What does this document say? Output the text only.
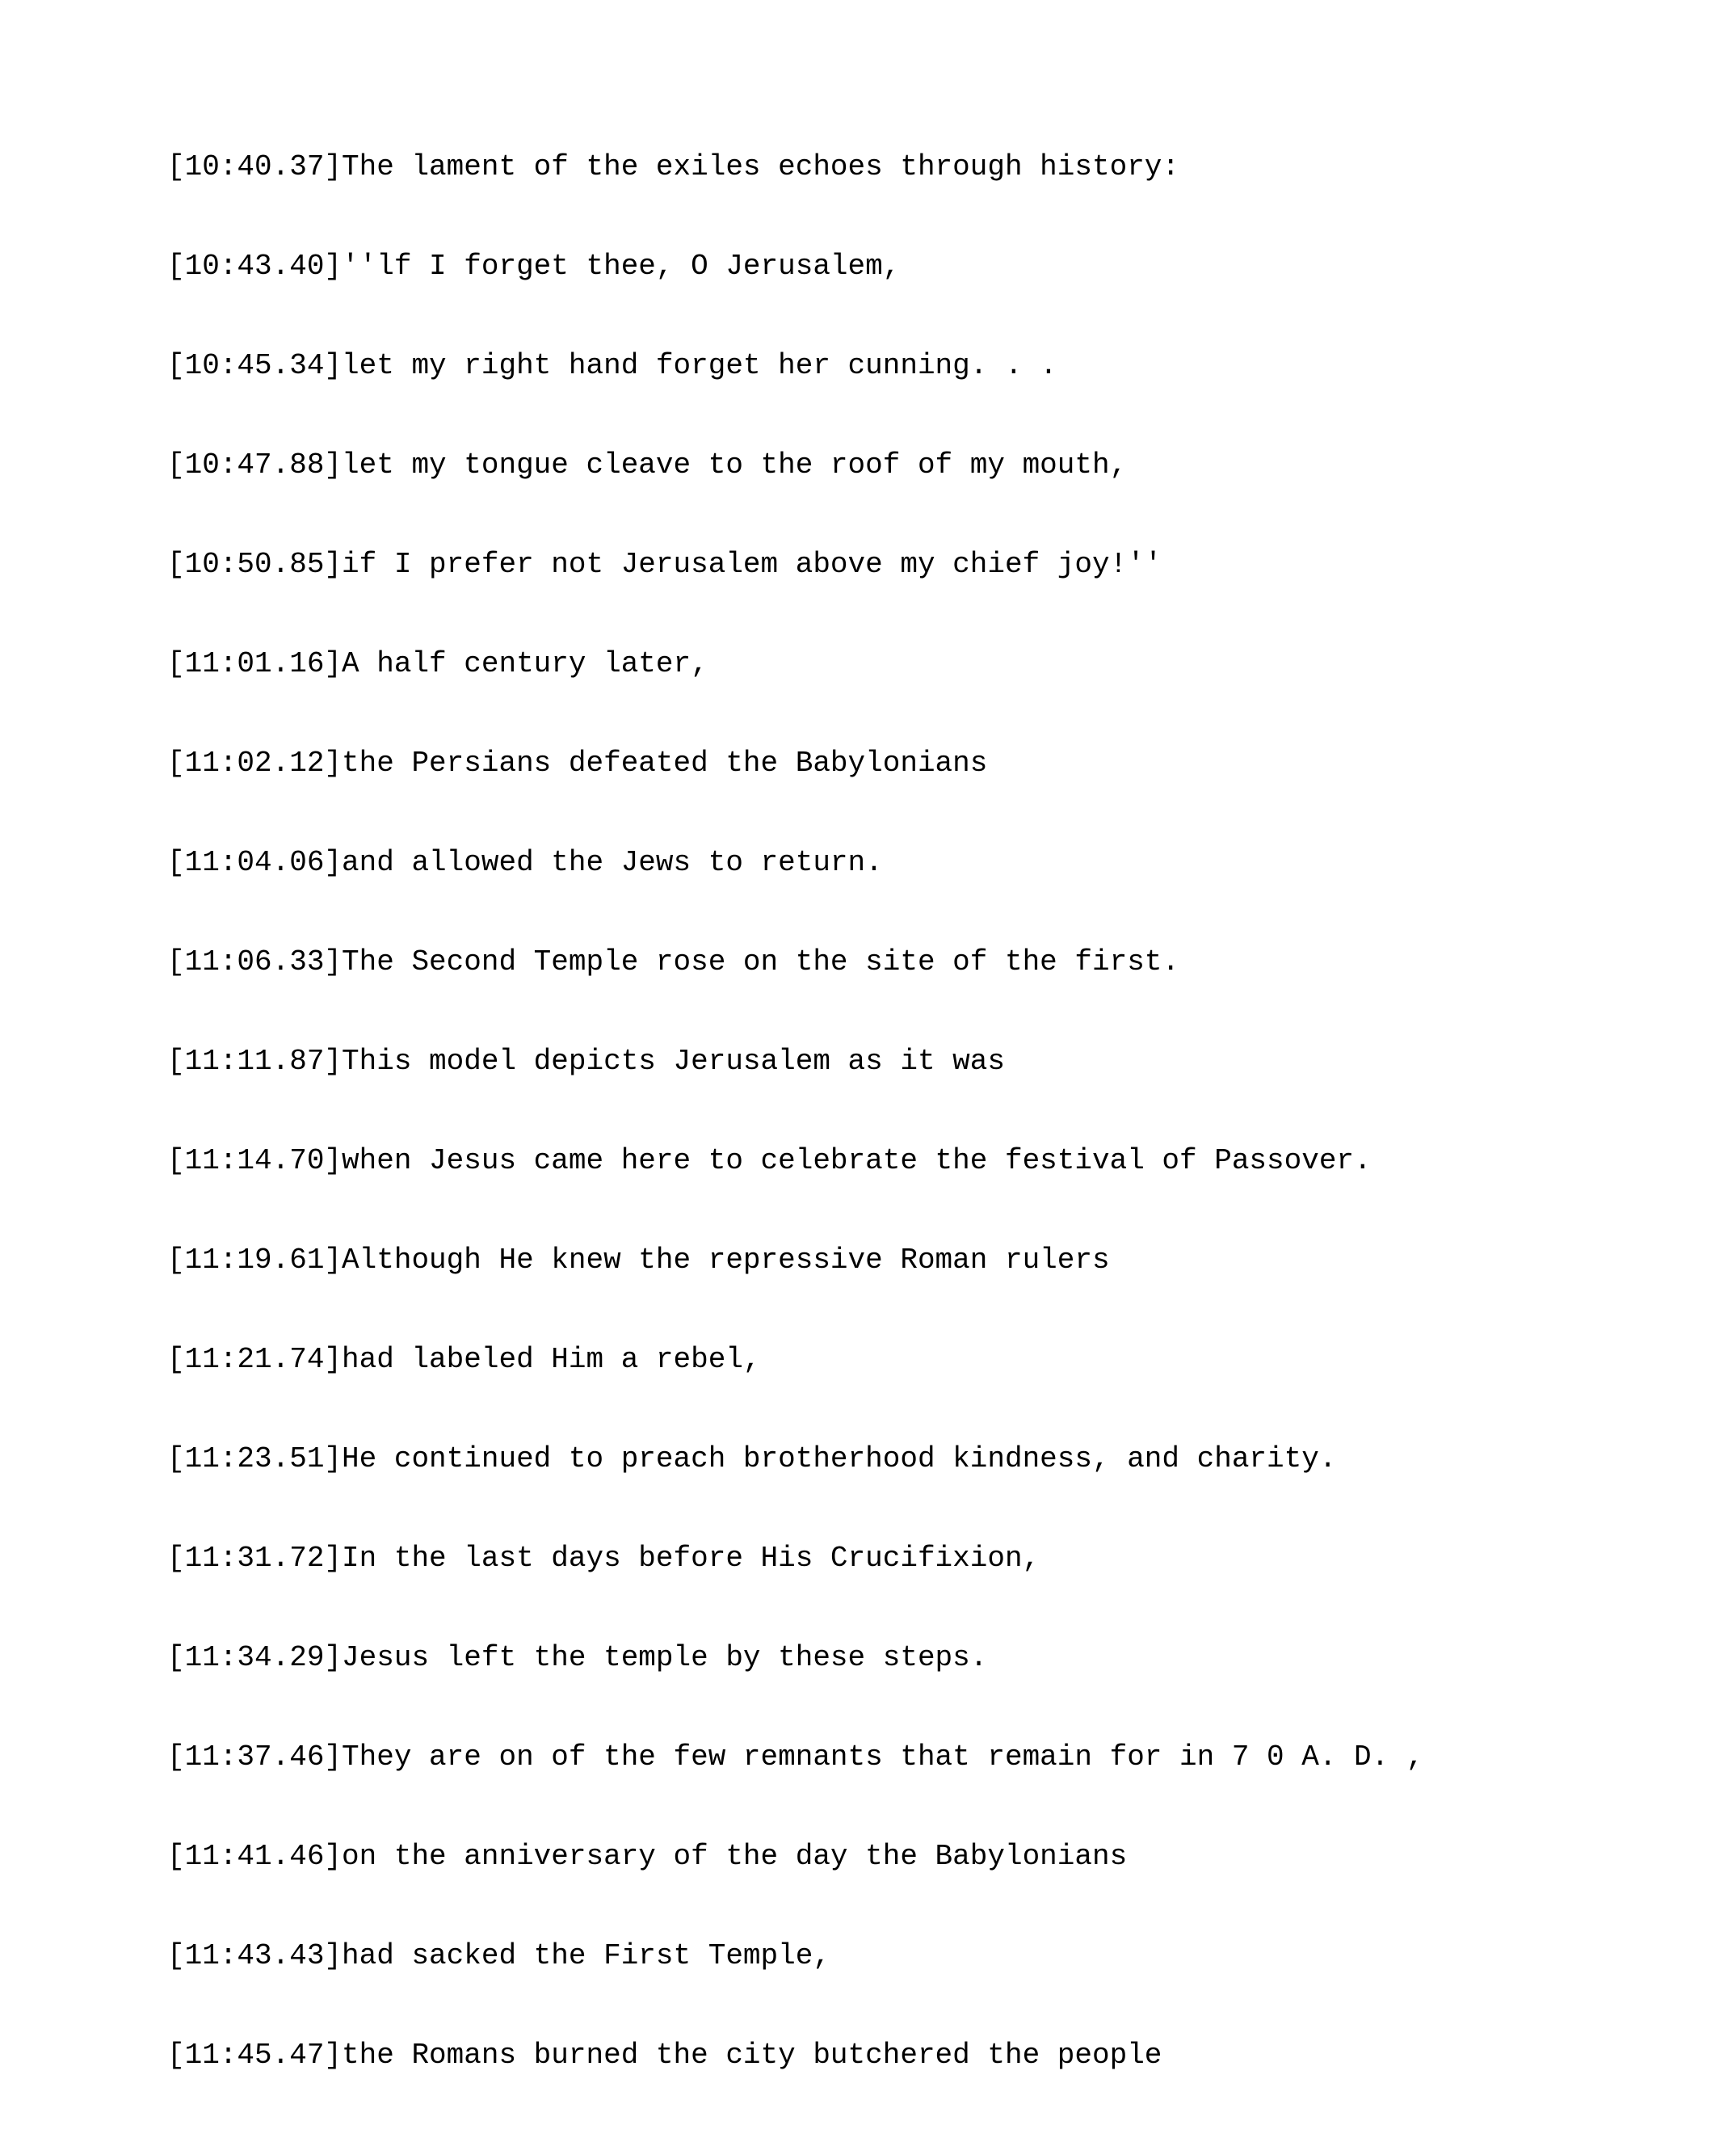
[10:40.37]The lament of the exiles echoes through history:

[10:43.40]''lf I forget thee, O Jerusalem,

[10:45.34]let my right hand forget her cunning. . .

[10:47.88]let my tongue cleave to the roof of my mouth,

[10:50.85]if I prefer not Jerusalem above my chief joy!''

[11:01.16]A half century later,

[11:02.12]the Persians defeated the Babylonians

[11:04.06]and allowed the Jews to return.

[11:06.33]The Second Temple rose on the site of the first.

[11:11.87]This model depicts Jerusalem as it was

[11:14.70]when Jesus came here to celebrate the festival of Passover.

[11:19.61]Although He knew the repressive Roman rulers

[11:21.74]had labeled Him a rebel,

[11:23.51]He continued to preach brotherhood kindness, and charity.

[11:31.72]In the last days before His Crucifixion,

[11:34.29]Jesus left the temple by these steps.

[11:37.46]They are on of the few remnants that remain for in 7 0 A. D. ,

[11:41.46]on the anniversary of the day the Babylonians

[11:43.43]had sacked the First Temple,

[11:45.47]the Romans burned the city butchered the people
